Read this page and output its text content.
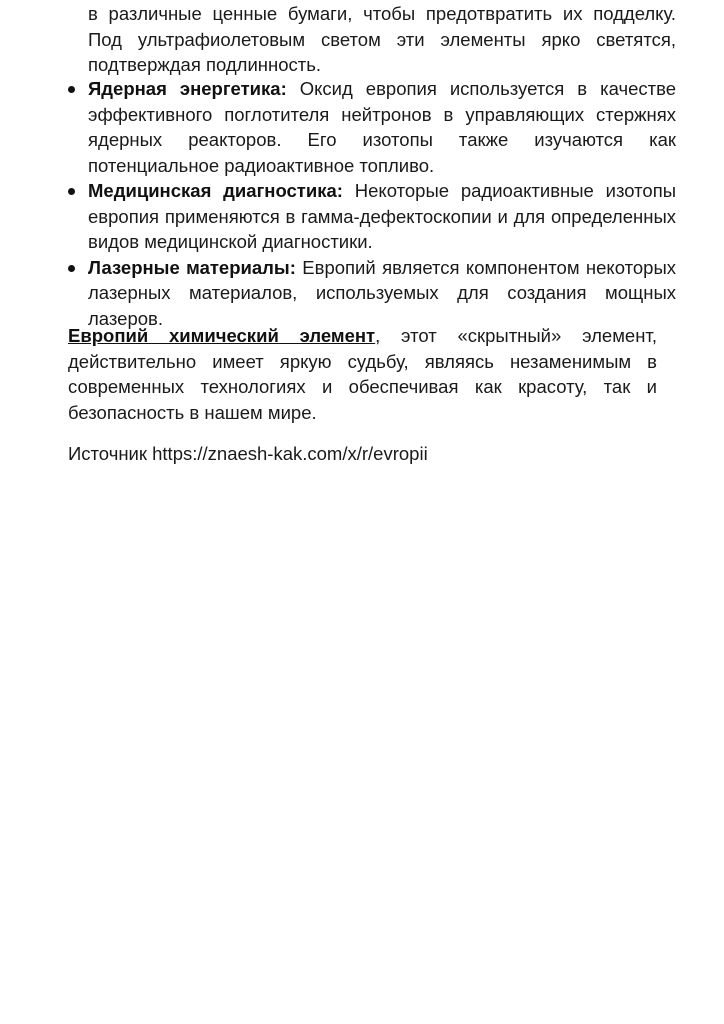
в различные ценные бумаги, чтобы предотвратить их подделку. Под ультрафиолетовым светом эти элементы ярко светятся, подтверждая подлинность.

Ядерная энергетика: Оксид европия используется в качестве эффективного поглотителя нейтронов в управляющих стержнях ядерных реакторов. Его изотопы также изучаются как потенциальное радиоактивное топливо.
Медицинская диагностика: Некоторые радиоактивные изотопы европия применяются в гамма-дефектоскопии и для определенных видов медицинской диагностики.
Лазерные материалы: Европий является компонентом некоторых лазерных материалов, используемых для создания мощных лазеров.

Европий химический элемент, этот «скрытный» элемент, действительно имеет яркую судьбу, являясь незаменимым в современных технологиях и обеспечивая как красоту, так и безопасность в нашем мире.

Источник https://znaesh-kak.com/x/r/evropii
